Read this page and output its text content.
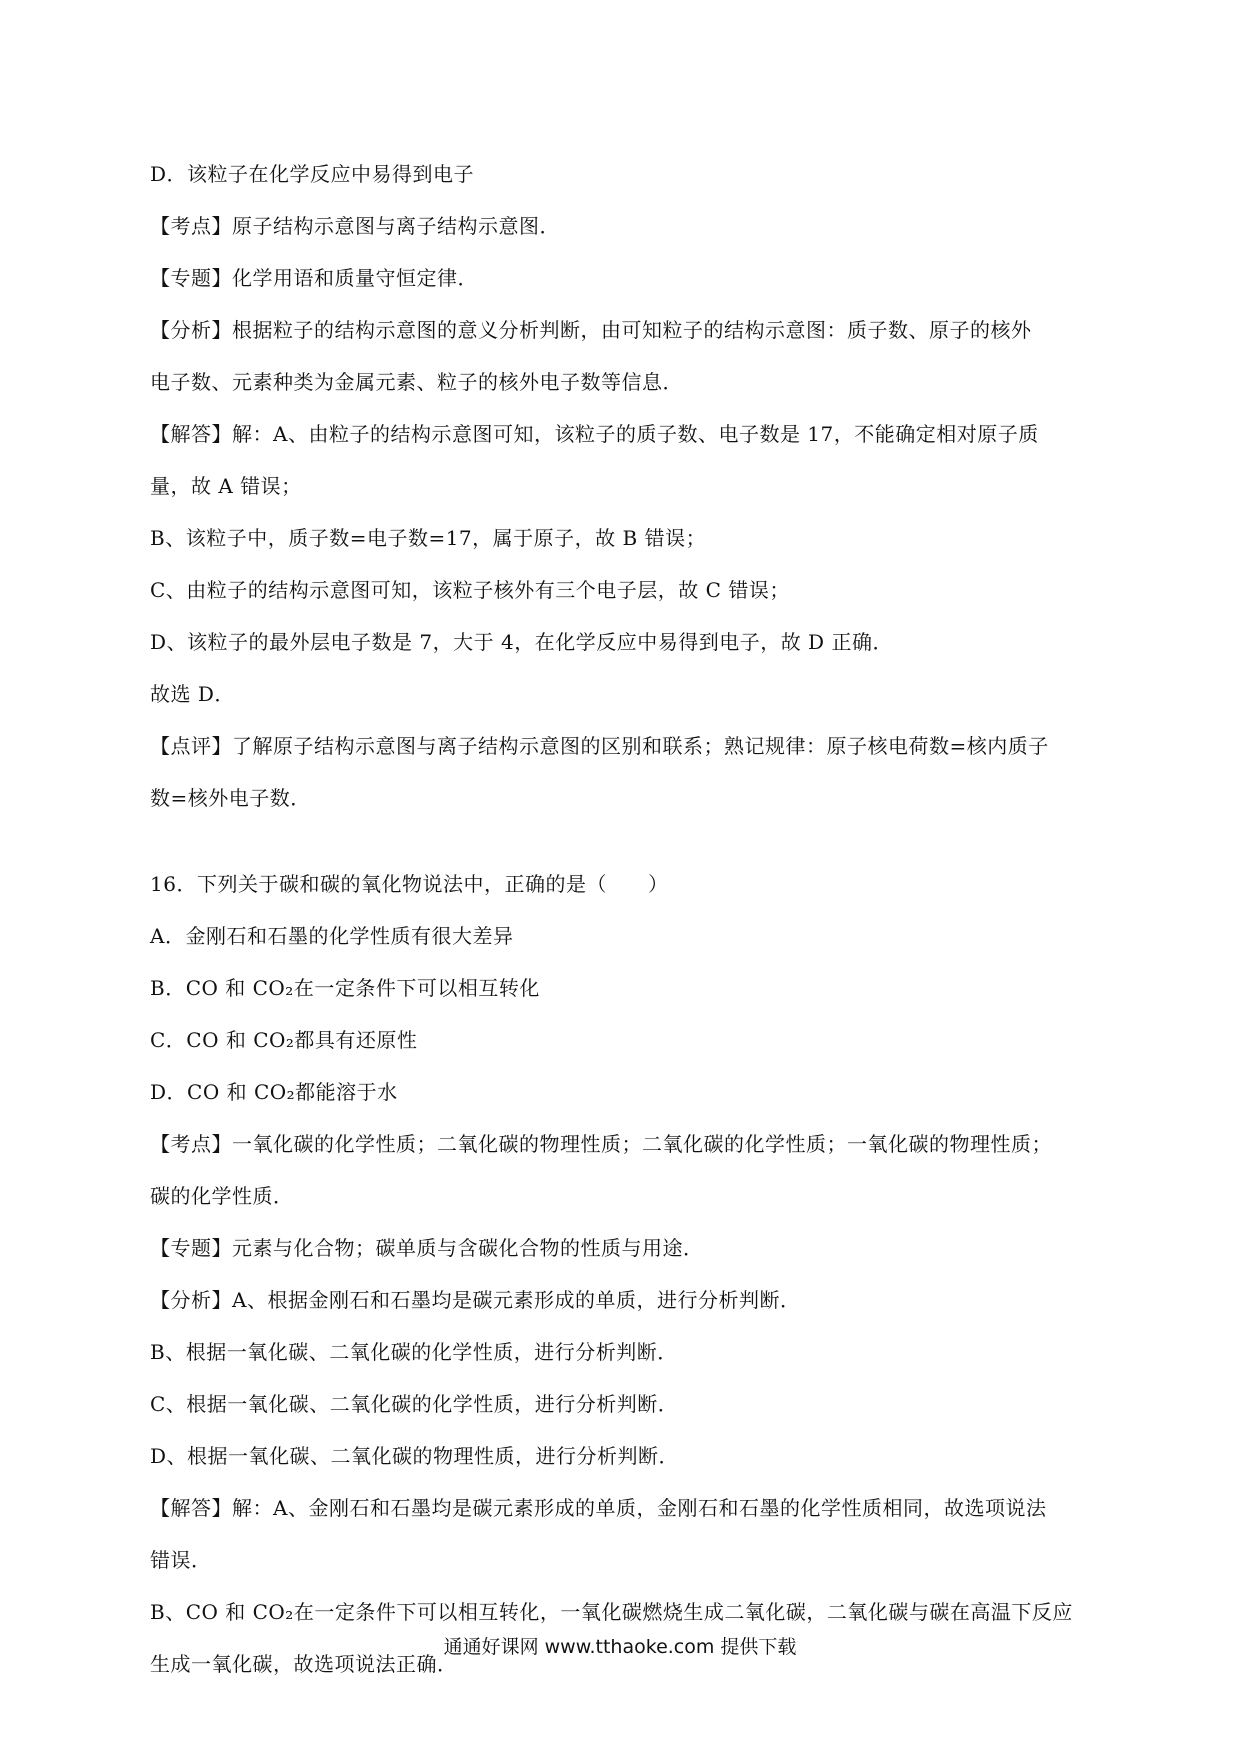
D．该粒子在化学反应中易得到电子
【考点】原子结构示意图与离子结构示意图．
【专题】化学用语和质量守恒定律．
【分析】根据粒子的结构示意图的意义分析判断，由可知粒子的结构示意图：质子数、原子的核外
电子数、元素种类为金属元素、粒子的核外电子数等信息．
【解答】解：A、由粒子的结构示意图可知，该粒子的质子数、电子数是 17，不能确定相对原子质
量，故 A 错误；
B、该粒子中，质子数=电子数=17，属于原子，故 B 错误；
C、由粒子的结构示意图可知，该粒子核外有三个电子层，故 C 错误；
D、该粒子的最外层电子数是 7，大于 4，在化学反应中易得到电子，故 D 正确．
故选 D．
【点评】了解原子结构示意图与离子结构示意图的区别和联系；熟记规律：原子核电荷数=核内质子
数=核外电子数．
16．下列关于碳和碳的氧化物说法中，正确的是（　　）
A．金刚石和石墨的化学性质有很大差异
B．CO 和 CO₂在一定条件下可以相互转化
C．CO 和 CO₂都具有还原性
D．CO 和 CO₂都能溶于水
【考点】一氧化碳的化学性质；二氧化碳的物理性质；二氧化碳的化学性质；一氧化碳的物理性质；
碳的化学性质．
【专题】元素与化合物；碳单质与含碳化合物的性质与用途．
【分析】A、根据金刚石和石墨均是碳元素形成的单质，进行分析判断．
B、根据一氧化碳、二氧化碳的化学性质，进行分析判断．
C、根据一氧化碳、二氧化碳的化学性质，进行分析判断．
D、根据一氧化碳、二氧化碳的物理性质，进行分析判断．
【解答】解：A、金刚石和石墨均是碳元素形成的单质，金刚石和石墨的化学性质相同，故选项说法
错误．
B、CO 和 CO₂在一定条件下可以相互转化，一氧化碳燃烧生成二氧化碳，二氧化碳与碳在高温下反应
生成一氧化碳，故选项说法正确．
通通好课网 www.tthaoke.com 提供下载
